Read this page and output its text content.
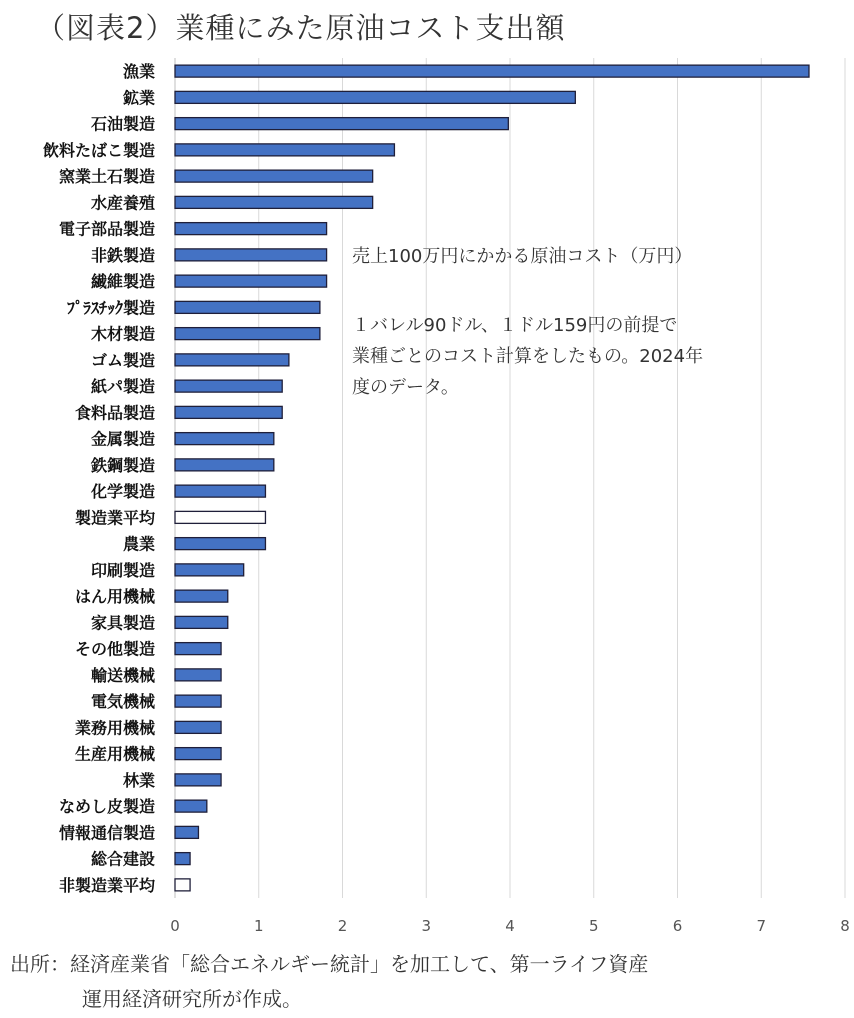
（図表2）業種にみた原油コスト支出額
漁業
鉱業
石油製造
飲料たばこ製造
窯業土石製造
水産養殖
電子部品製造
非鉄製造
繊維製造
ﾌﾟﾗｽﾁｯｸ製造
木材製造
ゴム製造
紙パ製造
食料品製造
金属製造
鉄鋼製造
化学製造
製造業平均
農業
印刷製造
はん用機械
家具製造
その他製造
輸送機械
電気機械
業務用機械
生産用機械
林業
なめし皮製造
情報通信製造
総合建設
非製造業平均
0	1	2	3	4	5	6	7	8
売上100万円にかかる原油コスト（万円）
１バレル90ドル、１ドル159円の前提で
業種ごとのコスト計算をしたもの。2024年
度のデータ。
出所：経済産業省「総合エネルギー統計」を加工して、第一ライフ資産
運用経済研究所が作成。
